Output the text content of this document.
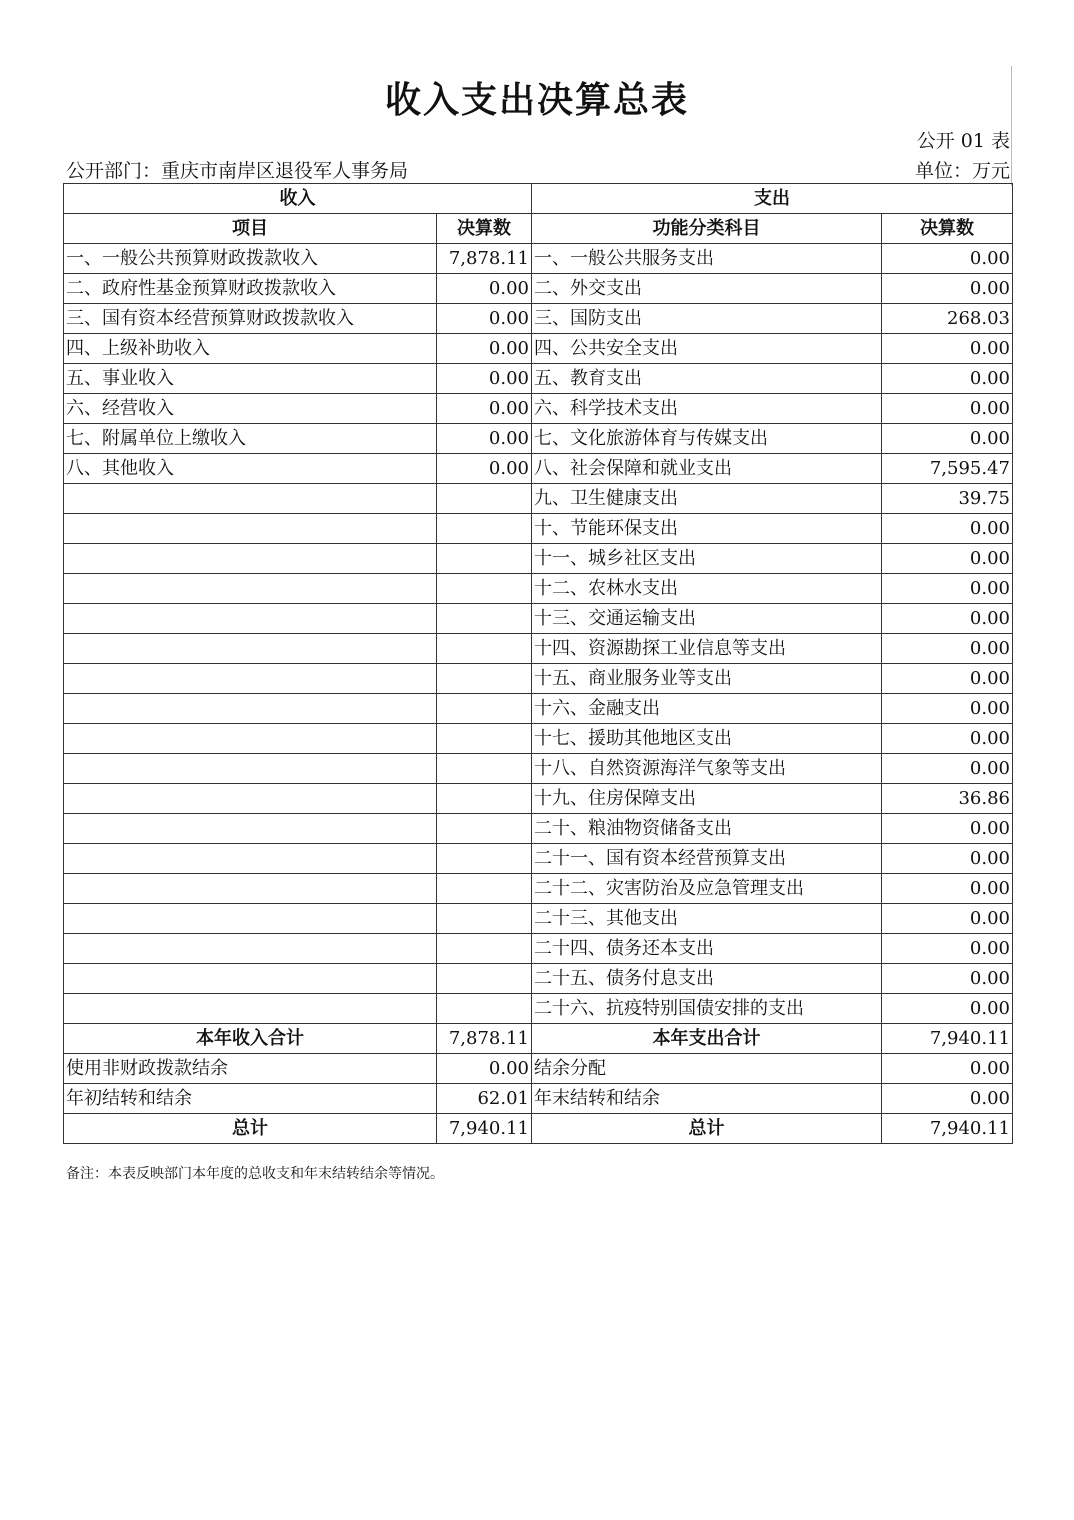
收入支出决算总表
公开 01 表
公开部门：重庆市南岸区退役军人事务局	单位：万元
收入		支出	
项目	决算数	功能分类科目	决算数
一、一般公共预算财政拨款收入	7,878.11	一、一般公共服务支出	0.00
二、政府性基金预算财政拨款收入	0.00	二、外交支出	0.00
三、国有资本经营预算财政拨款收入	0.00	三、国防支出	268.03
四、上级补助收入	0.00	四、公共安全支出	0.00
五、事业收入	0.00	五、教育支出	0.00
六、经营收入	0.00	六、科学技术支出	0.00
七、附属单位上缴收入	0.00	七、文化旅游体育与传媒支出	0.00
八、其他收入	0.00	八、社会保障和就业支出	7,595.47
		九、卫生健康支出	39.75
		十、节能环保支出	0.00
		十一、城乡社区支出	0.00
		十二、农林水支出	0.00
		十三、交通运输支出	0.00
		十四、资源勘探工业信息等支出	0.00
		十五、商业服务业等支出	0.00
		十六、金融支出	0.00
		十七、援助其他地区支出	0.00
		十八、自然资源海洋气象等支出	0.00
		十九、住房保障支出	36.86
		二十、粮油物资储备支出	0.00
		二十一、国有资本经营预算支出	0.00
		二十二、灾害防治及应急管理支出	0.00
		二十三、其他支出	0.00
		二十四、债务还本支出	0.00
		二十五、债务付息支出	0.00
		二十六、抗疫特别国债安排的支出	0.00
本年收入合计	7,878.11	本年支出合计	7,940.11
使用非财政拨款结余	0.00	结余分配	0.00
年初结转和结余	62.01	年末结转和结余	0.00
总计	7,940.11	总计	7,940.11
备注：本表反映部门本年度的总收支和年末结转结余等情况。
